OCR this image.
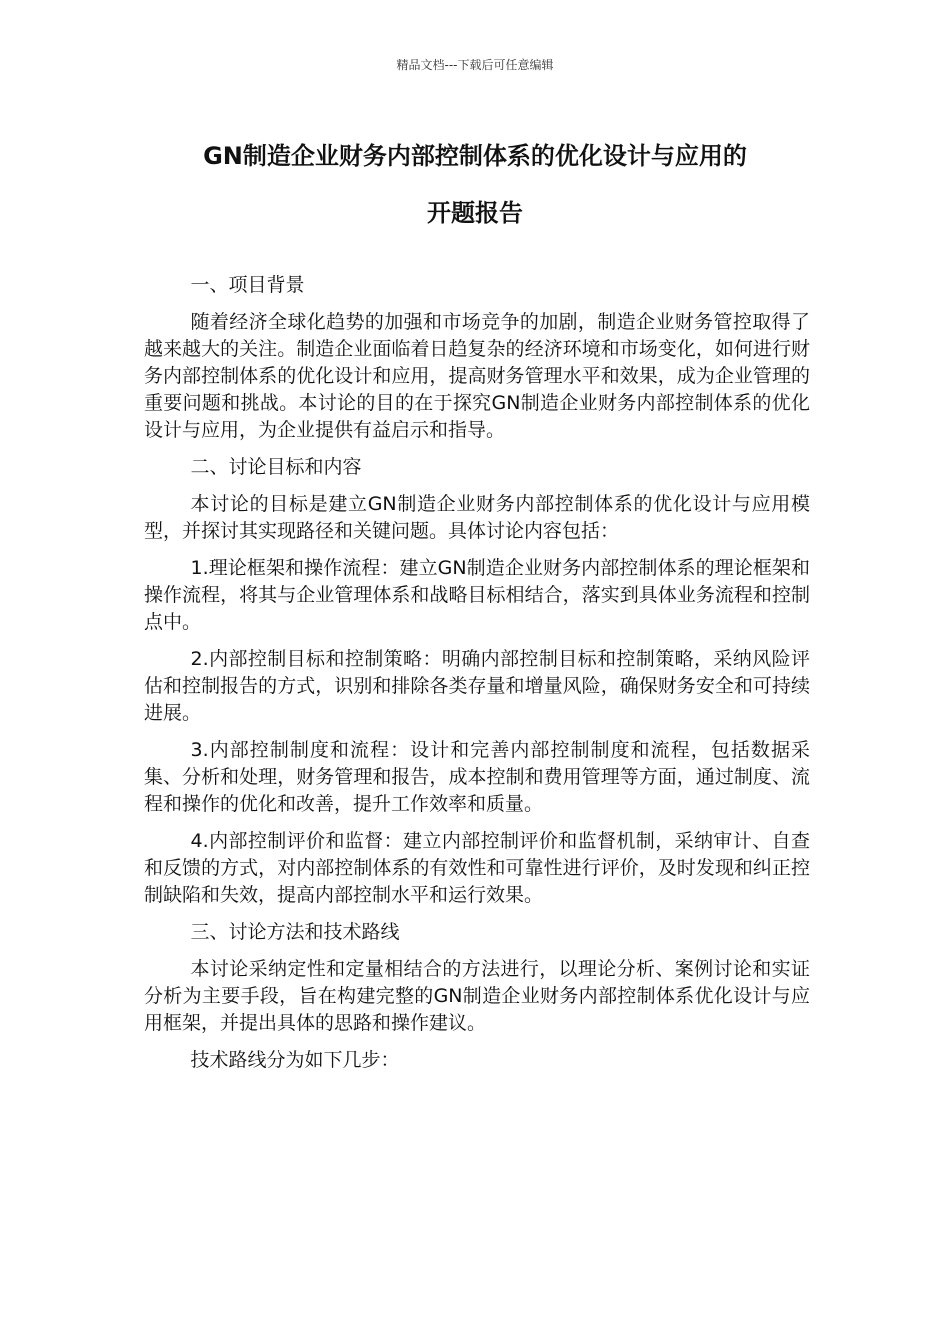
精品文档---下载后可任意编辑
GN制造企业财务内部控制体系的优化设计与应用的
开题报告

一、项目背景

随着经济全球化趋势的加强和市场竞争的加剧，制造企业财务管控取得了越来越大的关注。制造企业面临着日趋复杂的经济环境和市场变化，如何进行财务内部控制体系的优化设计和应用，提高财务管理水平和效果，成为企业管理的重要问题和挑战。本讨论的目的在于探究GN制造企业财务内部控制体系的优化设计与应用，为企业提供有益启示和指导。

二、讨论目标和内容

本讨论的目标是建立GN制造企业财务内部控制体系的优化设计与应用模型，并探讨其实现路径和关键问题。具体讨论内容包括：

1.理论框架和操作流程：建立GN制造企业财务内部控制体系的理论框架和操作流程，将其与企业管理体系和战略目标相结合，落实到具体业务流程和控制点中。

2.内部控制目标和控制策略：明确内部控制目标和控制策略，采纳风险评估和控制报告的方式，识别和排除各类存量和增量风险，确保财务安全和可持续进展。

3.内部控制制度和流程：设计和完善内部控制制度和流程，包括数据采集、分析和处理，财务管理和报告，成本控制和费用管理等方面，通过制度、流程和操作的优化和改善，提升工作效率和质量。

4.内部控制评价和监督：建立内部控制评价和监督机制，采纳审计、自查和反馈的方式，对内部控制体系的有效性和可靠性进行评价，及时发现和纠正控制缺陷和失效，提高内部控制水平和运行效果。

三、讨论方法和技术路线

本讨论采纳定性和定量相结合的方法进行，以理论分析、案例讨论和实证分析为主要手段，旨在构建完整的GN制造企业财务内部控制体系优化设计与应用框架，并提出具体的思路和操作建议。

技术路线分为如下几步：
